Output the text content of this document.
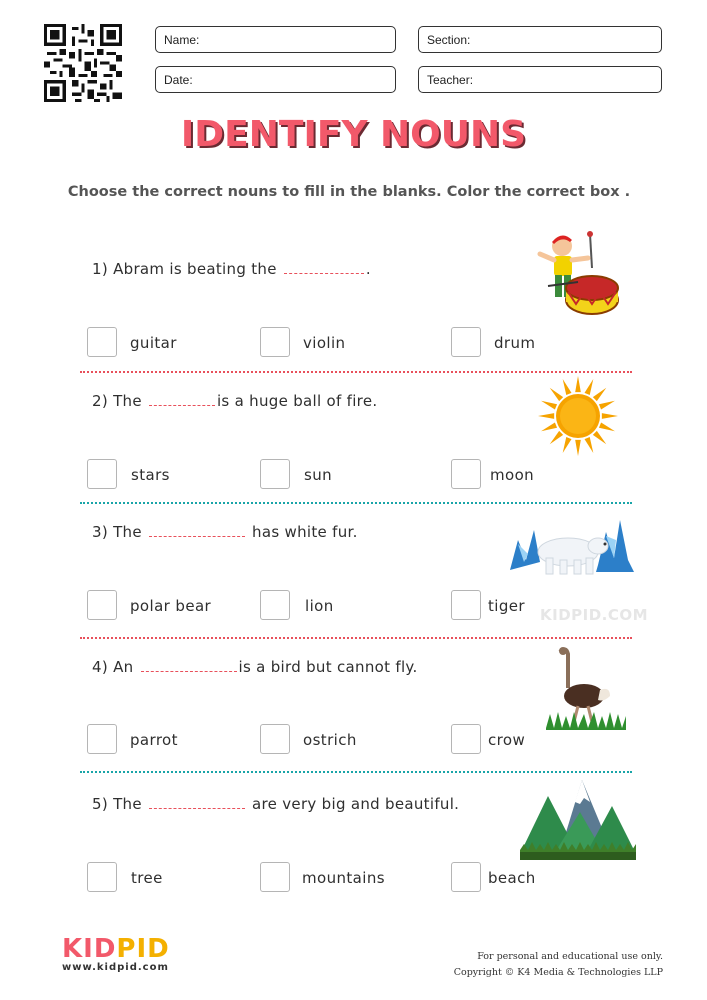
Name:	Section:
Date:	Teacher:
IDENTIFY NOUNS
Choose the correct nouns to fill in the blanks. Color the correct box .
1) Abram is beating the	.
guitar	violin	drum
2) The	is a huge ball of fire.
stars	sun	moon
3) The	has white fur.
polar bear	lion	tiger KIDPID.COM
4) An	is a bird but cannot fly.
parrot	ostrich	crow
5) The	are very big and beautiful.
tree	mountains	beach
KIDPID
www.kidpid.com
For personal and educational use only.
Copyright © K4 Media & Technologies LLP
